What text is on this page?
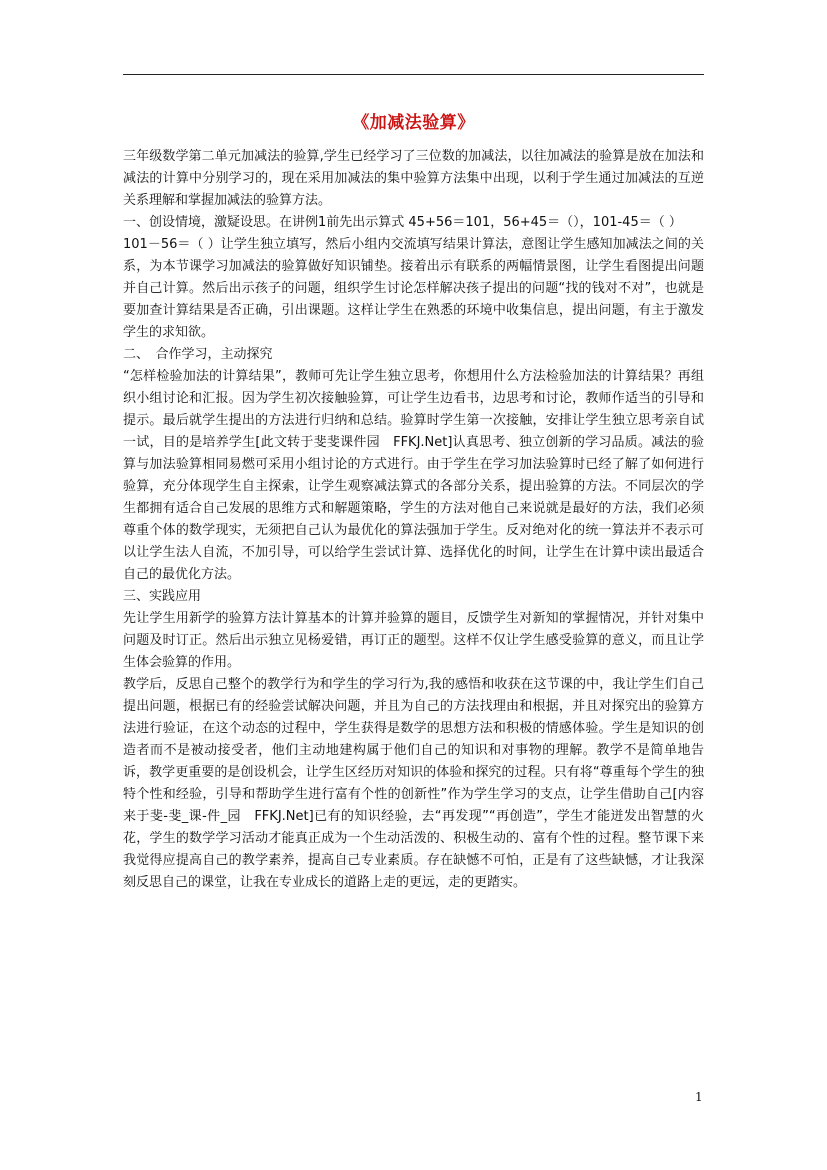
《加减法验算》

三年级数学第二单元加减法的验算,学生已经学习了三位数的加减法，以往加减法的验算是放在加法和减法的计算中分别学习的，现在采用加减法的集中验算方法集中出现，以利于学生通过加减法的互逆关系理解和掌握加减法的验算方法。

一、创设情境，激疑设思。在讲例1前先出示算式 45+56＝101，56+45＝（），101-45＝（ ）

101－56＝（ ）让学生独立填写，然后小组内交流填写结果计算法，意图让学生感知加减法之间的关系，为本节课学习加减法的验算做好知识铺垫。接着出示有联系的两幅情景图，让学生看图提出问题并自己计算。然后出示孩子的问题，组织学生讨论怎样解决孩子提出的问题“找的钱对不对”，也就是要加查计算结果是否正确，引出课题。这样让学生在熟悉的环境中收集信息，提出问题，有主于激发学生的求知欲。

二、　合作学习，主动探究

“怎样检验加法的计算结果”，教师可先让学生独立思考，你想用什么方法检验加法的计算结果？再组织小组讨论和汇报。因为学生初次接触验算，可让学生边看书，边思考和讨论，教师作适当的引导和提示。最后就学生提出的方法进行归纳和总结。验算时学生第一次接触，安排让学生独立思考亲自试一试，目的是培养学生[此文转于斐斐课件园　FFKJ.Net]认真思考、独立创新的学习品质。减法的验算与加法验算相同易燃可采用小组讨论的方式进行。由于学生在学习加法验算时已经了解了如何进行验算，充分体现学生自主探索，让学生观察减法算式的各部分关系，提出验算的方法。不同层次的学生都拥有适合自己发展的思维方式和解题策略，学生的方法对他自己来说就是最好的方法，我们必须尊重个体的数学现实，无须把自己认为最优化的算法强加于学生。反对绝对化的统一算法并不表示可以让学生法人自流，不加引导，可以给学生尝试计算、选择优化的时间，让学生在计算中读出最适合自己的最优化方法。

三、实践应用

先让学生用新学的验算方法计算基本的计算并验算的题目，反馈学生对新知的掌握情况，并针对集中问题及时订正。然后出示独立见杨爱错，再订正的题型。这样不仅让学生感受验算的意义，而且让学生体会验算的作用。

教学后，反思自己整个的教学行为和学生的学习行为,我的感悟和收获在这节课的中，我让学生们自己提出问题，根据已有的经验尝试解决问题，并且为自己的方法找理由和根据，并且对探究出的验算方法进行验证，在这个动态的过程中，学生获得是数学的思想方法和积极的情感体验。学生是知识的创造者而不是被动接受者，他们主动地建构属于他们自己的知识和对事物的理解。教学不是简单地告诉，教学更重要的是创设机会，让学生区经历对知识的体验和探究的过程。只有将“尊重每个学生的独特个性和经验，引导和帮助学生进行富有个性的创新性”作为学生学习的支点，让学生借助自己[内容来于斐-斐_课-件_园　FFKJ.Net]已有的知识经验，去“再发现”“再创造”，学生才能迸发出智慧的火花，学生的数学学习活动才能真正成为一个生动活泼的、积极生动的、富有个性的过程。整节课下来我觉得应提高自己的教学素养，提高自己专业素质。存在缺憾不可怕，正是有了这些缺憾，才让我深刻反思自己的课堂，让我在专业成长的道路上走的更远，走的更踏实。

1
